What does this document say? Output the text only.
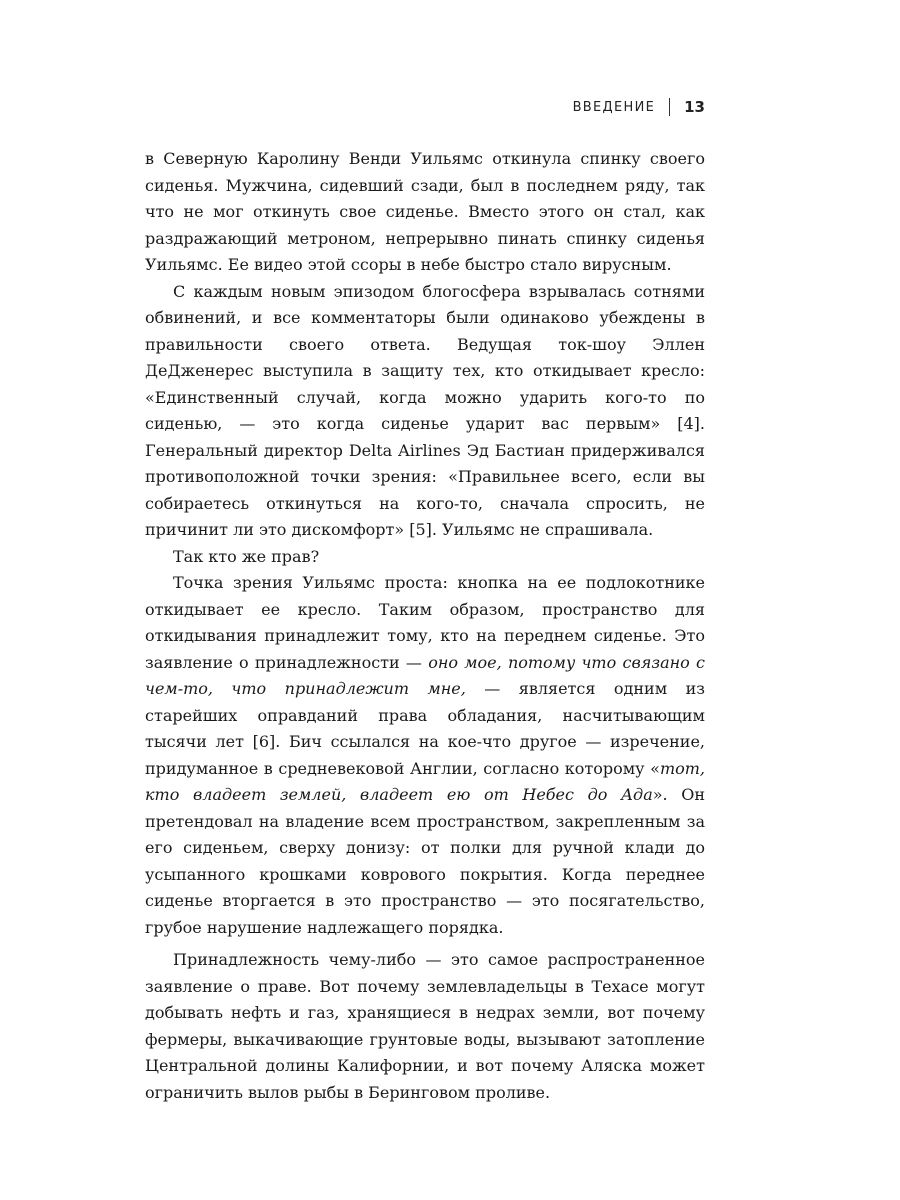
ВВЕДЕНИЕ 13

в Северную Каролину Венди Уильямс откинула спинку своего сиденья. Мужчина, сидевший сзади, был в последнем ряду, так что не мог откинуть свое сиденье. Вместо этого он стал, как раздражающий метроном, непрерывно пинать спинку сиденья Уильямс. Ее видео этой ссоры в небе быстро стало вирусным.

С каждым новым эпизодом блогосфера взрывалась сотнями обвинений, и все комментаторы были одинаково убеждены в правильности своего ответа. Ведущая ток-шоу Эллен ДеДженерес выступила в защиту тех, кто откидывает кресло: «Единственный случай, когда можно ударить кого-то по сиденью, — это когда сиденье ударит вас первым» [4]. Генеральный директор Delta Airlines Эд Бастиан придерживался противоположной точки зрения: «Правильнее всего, если вы собираетесь откинуться на кого-то, сначала спросить, не причинит ли это дискомфорт» [5]. Уильямс не спрашивала.

Так кто же прав?

Точка зрения Уильямс проста: кнопка на ее подлокотнике откидывает ее кресло. Таким образом, пространство для откидывания принадлежит тому, кто на переднем сиденье. Это заявление о принадлежности — оно мое, потому что связано с чем-то, что принадлежит мне, — является одним из старейших оправданий права обладания, насчитывающим тысячи лет [6]. Бич ссылался на кое-что другое — изречение, придуманное в средневековой Англии, согласно которому «тот, кто владеет землей, владеет ею от Небес до Ада». Он претендовал на владение всем пространством, закрепленным за его сиденьем, сверху донизу: от полки для ручной клади до усыпанного крошками коврового покрытия. Когда переднее сиденье вторгается в это пространство — это посягательство, грубое нарушение надлежащего порядка.

Принадлежность чему-либо — это самое распространенное заявление о праве. Вот почему землевладельцы в Техасе могут добывать нефть и газ, хранящиеся в недрах земли, вот почему фермеры, выкачивающие грунтовые воды, вызывают затопление Центральной долины Калифорнии, и вот почему Аляска может ограничить вылов рыбы в Беринговом проливе.
